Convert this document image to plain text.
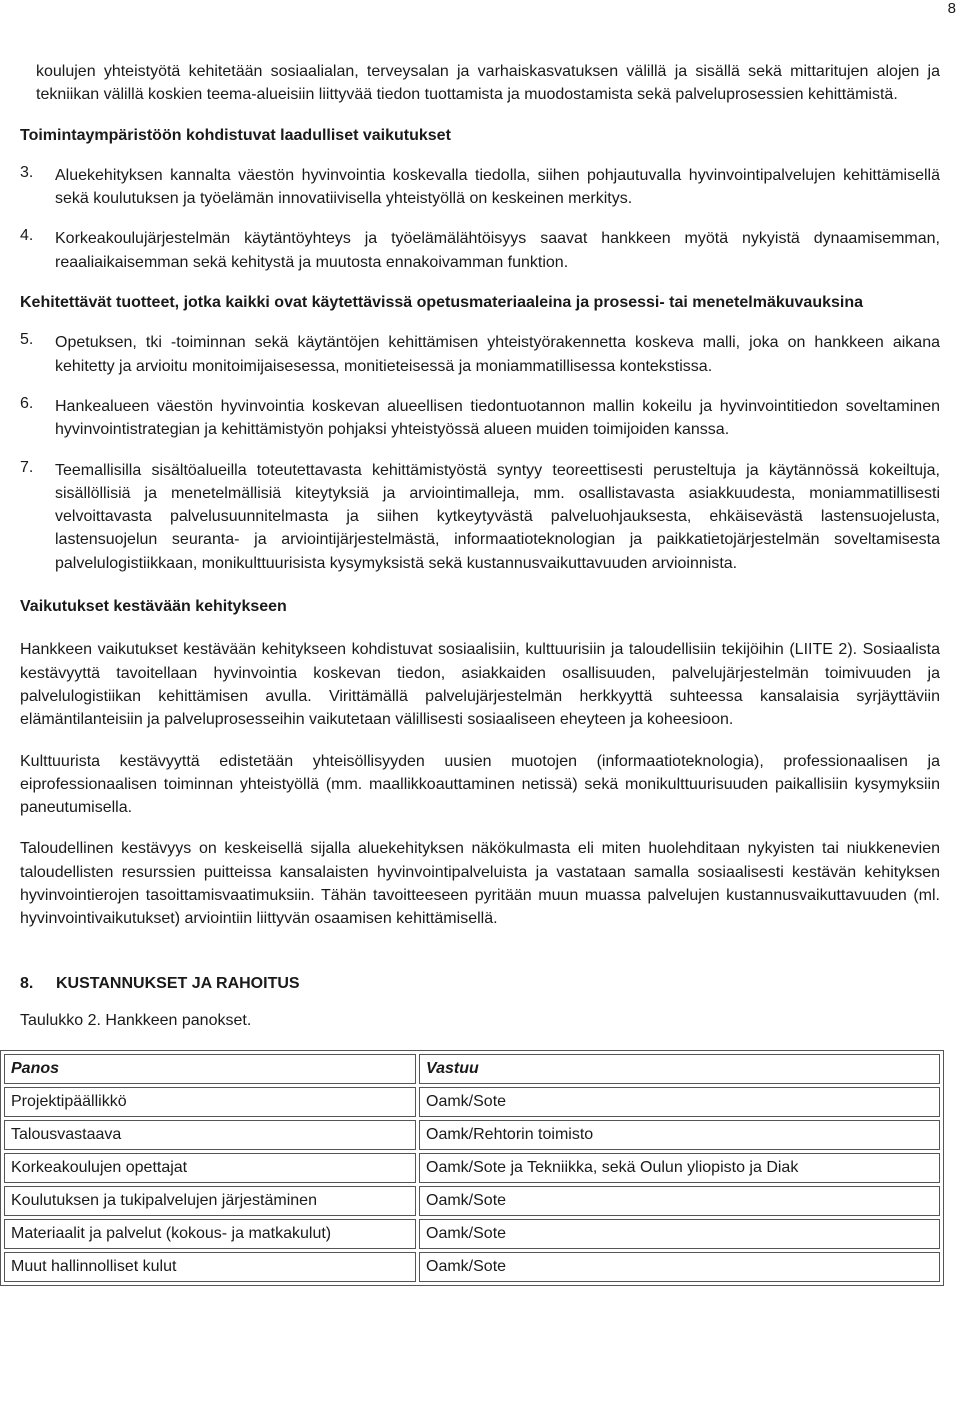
8

koulujen yhteistyötä kehitetään sosiaalialan, terveysalan ja varhaiskasvatuksen välillä ja sisällä sekä mittaritujen alojen ja tekniikan välillä koskien teema-alueisiin liittyvää tiedon tuottamista ja muodostamista sekä palveluprosessien kehittämistä.

Toimintaympäristöön kohdistuvat laadulliset vaikutukset

3.	Aluekehityksen kannalta väestön hyvinvointia koskevalla tiedolla, siihen pohjautuvalla hyvinvointipalvelujen kehittämisellä sekä koulutuksen ja työelämän innovatiivisella yhteistyöllä on keskeinen merkitys.
4.	Korkeakoulujärjestelmän käytäntöyhteys ja työelämälähtöisyys saavat hankkeen myötä nykyistä dynaamisemman, reaaliaikaisemman sekä kehitystä ja muutosta ennakoivamman funktion.

Kehitettävät tuotteet, jotka kaikki ovat käytettävissä opetusmateriaaleina ja prosessi- tai menetelmäkuvauksina

5.	Opetuksen, tki -toiminnan sekä käytäntöjen kehittämisen yhteistyörakennetta koskeva malli, joka on hankkeen aikana kehitetty ja arvioitu monitoimijaisesessa, monitieteisessä ja moniammatillisessa kontekstissa.
6.	Hankealueen väestön hyvinvointia koskevan alueellisen tiedontuotannon mallin kokeilu ja hyvinvointitiedon soveltaminen hyvinvointistrategian ja kehittämistyön pohjaksi yhteistyössä alueen muiden toimijoiden kanssa.
7.	Teemallisilla sisältöalueilla toteutettavasta kehittämistyöstä syntyy teoreettisesti perusteltuja ja käytännössä kokeiltuja, sisällöllisiä ja menetelmällisiä kiteytyksiä ja arviointimalleja, mm. osallistavasta asiakkuudesta, moniammatillisesti velvoittavasta palvelusuunnitelmasta ja siihen kytkeytyvästä palveluohjauksesta, ehkäisevästä lastensuojelusta, lastensuojelun seuranta- ja arviointijärjestelmästä, informaatioteknologian ja paikkatietojärjestelmän soveltamisesta palvelulogistiikkaan, monikulttuurisista kysymyksistä sekä kustannusvaikuttavuuden arvioinnista.

Vaikutukset kestävään kehitykseen

Hankkeen vaikutukset kestävään kehitykseen kohdistuvat sosiaalisiin, kulttuurisiin ja taloudellisiin tekijöihin (LIITE 2). Sosiaalista kestävyyttä tavoitellaan hyvinvointia koskevan tiedon, asiakkaiden osallisuuden, palvelujärjestelmän toimivuuden ja palvelulogistiikan kehittämisen avulla. Virittämällä palvelujärjestelmän herkkyyttä suhteessa kansalaisia syrjäyttäviin elämäntilanteisiin ja palveluprosesseihin vaikutetaan välillisesti sosiaaliseen eheyteen ja koheesioon.

Kulttuurista kestävyyttä edistetään yhteisöllisyyden uusien muotojen (informaatioteknologia), professionaalisen ja eiprofessionaalisen toiminnan yhteistyöllä (mm. maallikkoauttaminen netissä) sekä monikulttuurisuuden paikallisiin kysymyksiin paneutumisella.

Taloudellinen kestävyys on keskeisellä sijalla aluekehityksen näkökulmasta eli miten huolehditaan nykyisten tai niukkenevien taloudellisten resurssien puitteissa kansalaisten hyvinvointipalveluista ja vastataan samalla sosiaalisesti kestävän kehityksen hyvinvointierojen tasoittamisvaatimuksiin. Tähän tavoitteeseen pyritään muun muassa palvelujen kustannusvaikuttavuuden (ml. hyvinvointivaikutukset) arviointiin liittyvän osaamisen kehittämisellä.

8.	KUSTANNUKSET JA RAHOITUS

Taulukko 2. Hankkeen panokset.

Panos	Vastuu
Projektipäällikkö	Oamk/Sote
Talousvastaava	Oamk/Rehtorin toimisto
Korkeakoulujen opettajat	Oamk/Sote ja Tekniikka, sekä Oulun yliopisto ja Diak
Koulutuksen ja tukipalvelujen järjestäminen	Oamk/Sote
Materiaalit ja palvelut (kokous- ja matkakulut)	Oamk/Sote
Muut hallinnolliset kulut	Oamk/Sote
